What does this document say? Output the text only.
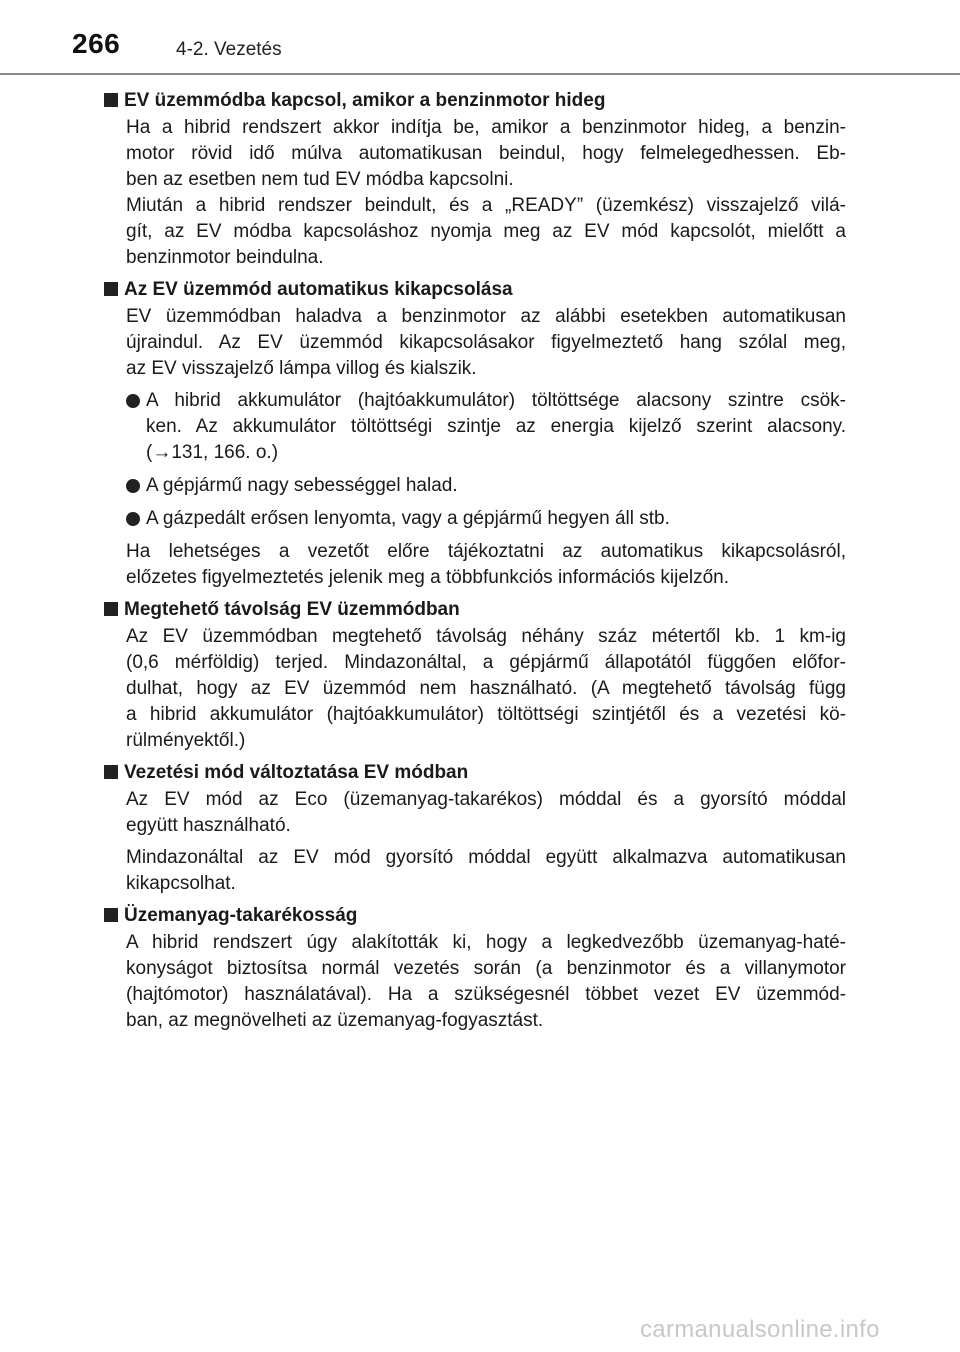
266	4-2. Vezetés
EV üzemmódba kapcsol, amikor a benzinmotor hideg
Ha a hibrid rendszert akkor indítja be, amikor a benzinmotor hideg, a benzin-
motor rövid idő múlva automatikusan beindul, hogy felmelegedhessen. Eb-
ben az esetben nem tud EV módba kapcsolni.
Miután a hibrid rendszer beindult, és a „READY” (üzemkész) visszajelző vilá-
gít, az EV módba kapcsoláshoz nyomja meg az EV mód kapcsolót, mielőtt a
benzinmotor beindulna.
Az EV üzemmód automatikus kikapcsolása
EV üzemmódban haladva a benzinmotor az alábbi esetekben automatikusan
újraindul. Az EV üzemmód kikapcsolásakor figyelmeztető hang szólal meg,
az EV visszajelző lámpa villog és kialszik.
A hibrid akkumulátor (hajtóakkumulátor) töltöttsége alacsony szintre csök-
ken. Az akkumulátor töltöttségi szintje az energia kijelző szerint alacsony.
(→131, 166. o.)
A gépjármű nagy sebességgel halad.
A gázpedált erősen lenyomta, vagy a gépjármű hegyen áll stb.
Ha lehetséges a vezetőt előre tájékoztatni az automatikus kikapcsolásról,
előzetes figyelmeztetés jelenik meg a többfunkciós információs kijelzőn.
Megtehető távolság EV üzemmódban
Az EV üzemmódban megtehető távolság néhány száz métertől kb. 1 km-ig
(0,6 mérföldig) terjed. Mindazonáltal, a gépjármű állapotától függően előfor-
dulhat, hogy az EV üzemmód nem használható. (A megtehető távolság függ
a hibrid akkumulátor (hajtóakkumulátor) töltöttségi szintjétől és a vezetési kö-
rülményektől.)
Vezetési mód változtatása EV módban
Az EV mód az Eco (üzemanyag-takarékos) móddal és a gyorsító móddal
együtt használható.
Mindazonáltal az EV mód gyorsító móddal együtt alkalmazva automatikusan
kikapcsolhat.
Üzemanyag-takarékosság
A hibrid rendszert úgy alakították ki, hogy a legkedvezőbb üzemanyag-haté-
konyságot biztosítsa normál vezetés során (a benzinmotor és a villanymotor
(hajtómotor) használatával). Ha a szükségesnél többet vezet EV üzemmód-
ban, az megnövelheti az üzemanyag-fogyasztást.
carmanualsonline.info
